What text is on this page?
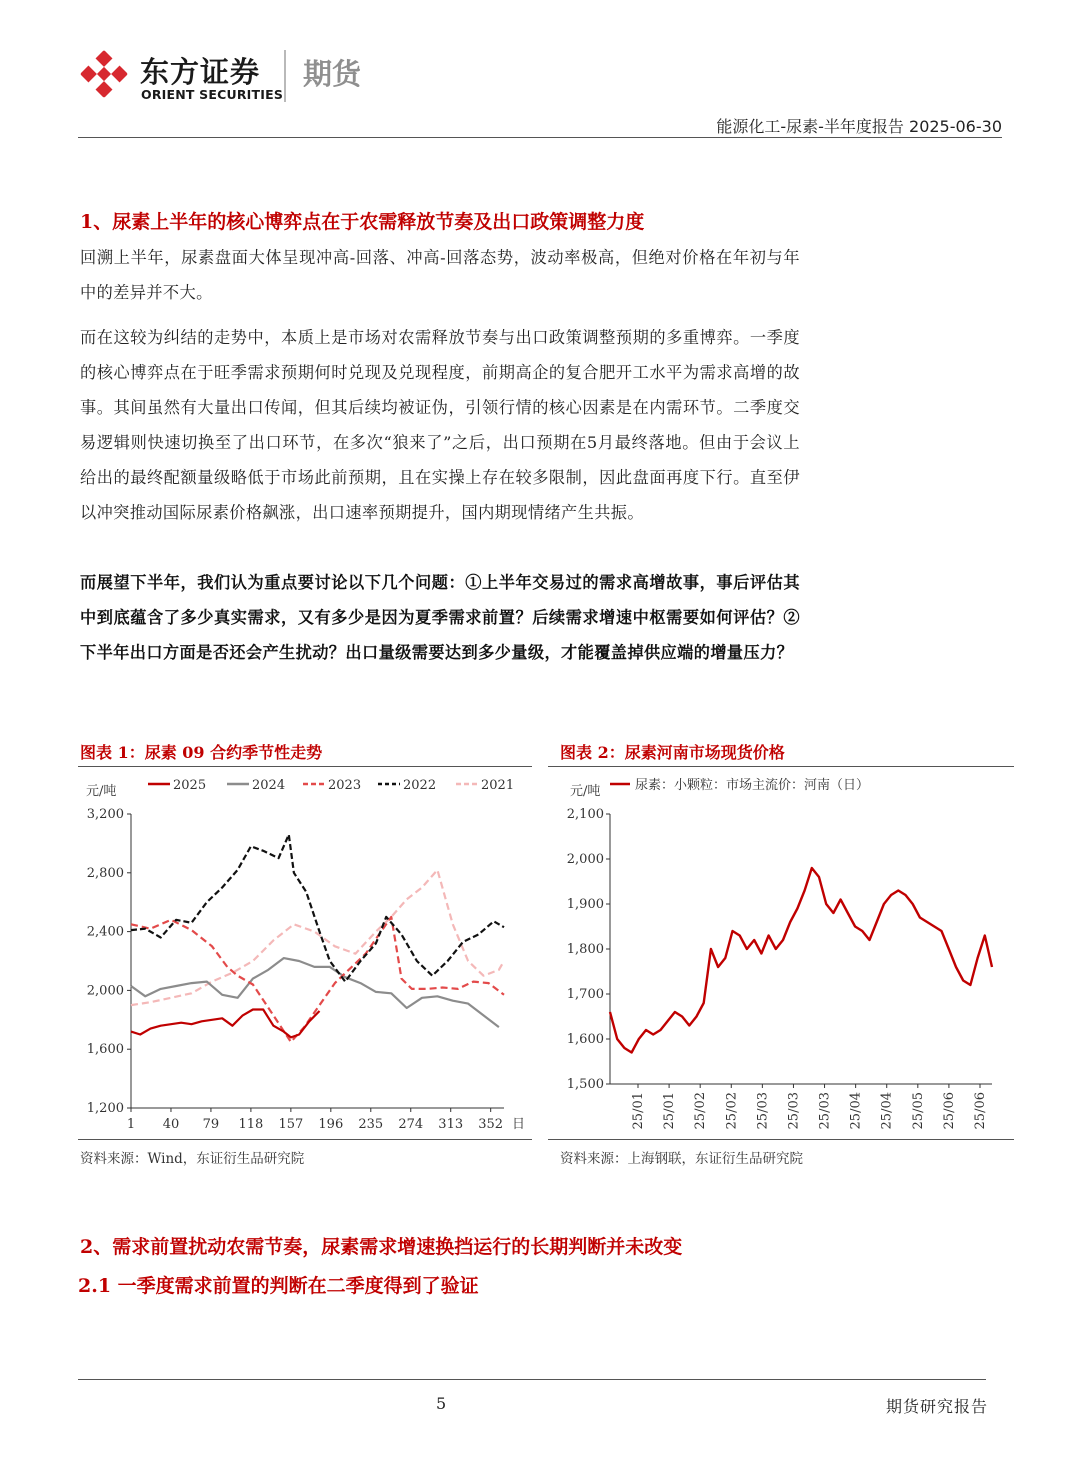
东方证券
ORIENT SECURITIES
期货
能源化工-尿素-半年度报告 2025-06-30
1、尿素上半年的核心博弈点在于农需释放节奏及出口政策调整力度
回溯上半年，尿素盘面大体呈现冲高-回落、冲高-回落态势，波动率极高，但绝对价格在年初与年中的差异并不大。
而在这较为纠结的走势中，本质上是市场对农需释放节奏与出口政策调整预期的多重博弈。一季度的核心博弈点在于旺季需求预期何时兑现及兑现程度，前期高企的复合肥开工水平为需求高增的故事。其间虽然有大量出口传闻，但其后续均被证伪，引领行情的核心因素是在内需环节。二季度交易逻辑则快速切换至了出口环节，在多次“狼来了”之后，出口预期在5月最终落地。但由于会议上给出的最终配额量级略低于市场此前预期，且在实操上存在较多限制，因此盘面再度下行。直至伊以冲突推动国际尿素价格飙涨，出口速率预期提升，国内期现情绪产生共振。
而展望下半年，我们认为重点要讨论以下几个问题：①上半年交易过的需求高增故事，事后评估其中到底蕴含了多少真实需求，又有多少是因为夏季需求前置？后续需求增速中枢需要如何评估？②下半年出口方面是否还会产生扰动？出口量级需要达到多少量级，才能覆盖掉供应端的增量压力？
图表 1：尿素 09 合约季节性走势
元/吨	2025	2024	2023	2022	2021
1,200
1,600
2,000
2,400
2,800
3,200
1 40 79 118 157 196 235 274 313 352 日
资料来源：Wind，东证衍生品研究院
图表 2：尿素河南市场现货价格
元/吨	尿素：小颗粒：市场主流价：河南（日）
1,500
1,600
1,700
1,800
1,900
2,000
2,100
25/01 25/01 25/02 25/02 25/03 25/03 25/03 25/04 25/04 25/05 25/06 25/06
资料来源：上海钢联，东证衍生品研究院
2、需求前置扰动农需节奏，尿素需求增速换挡运行的长期判断并未改变
2.1 一季度需求前置的判断在二季度得到了验证
5	期货研究报告
